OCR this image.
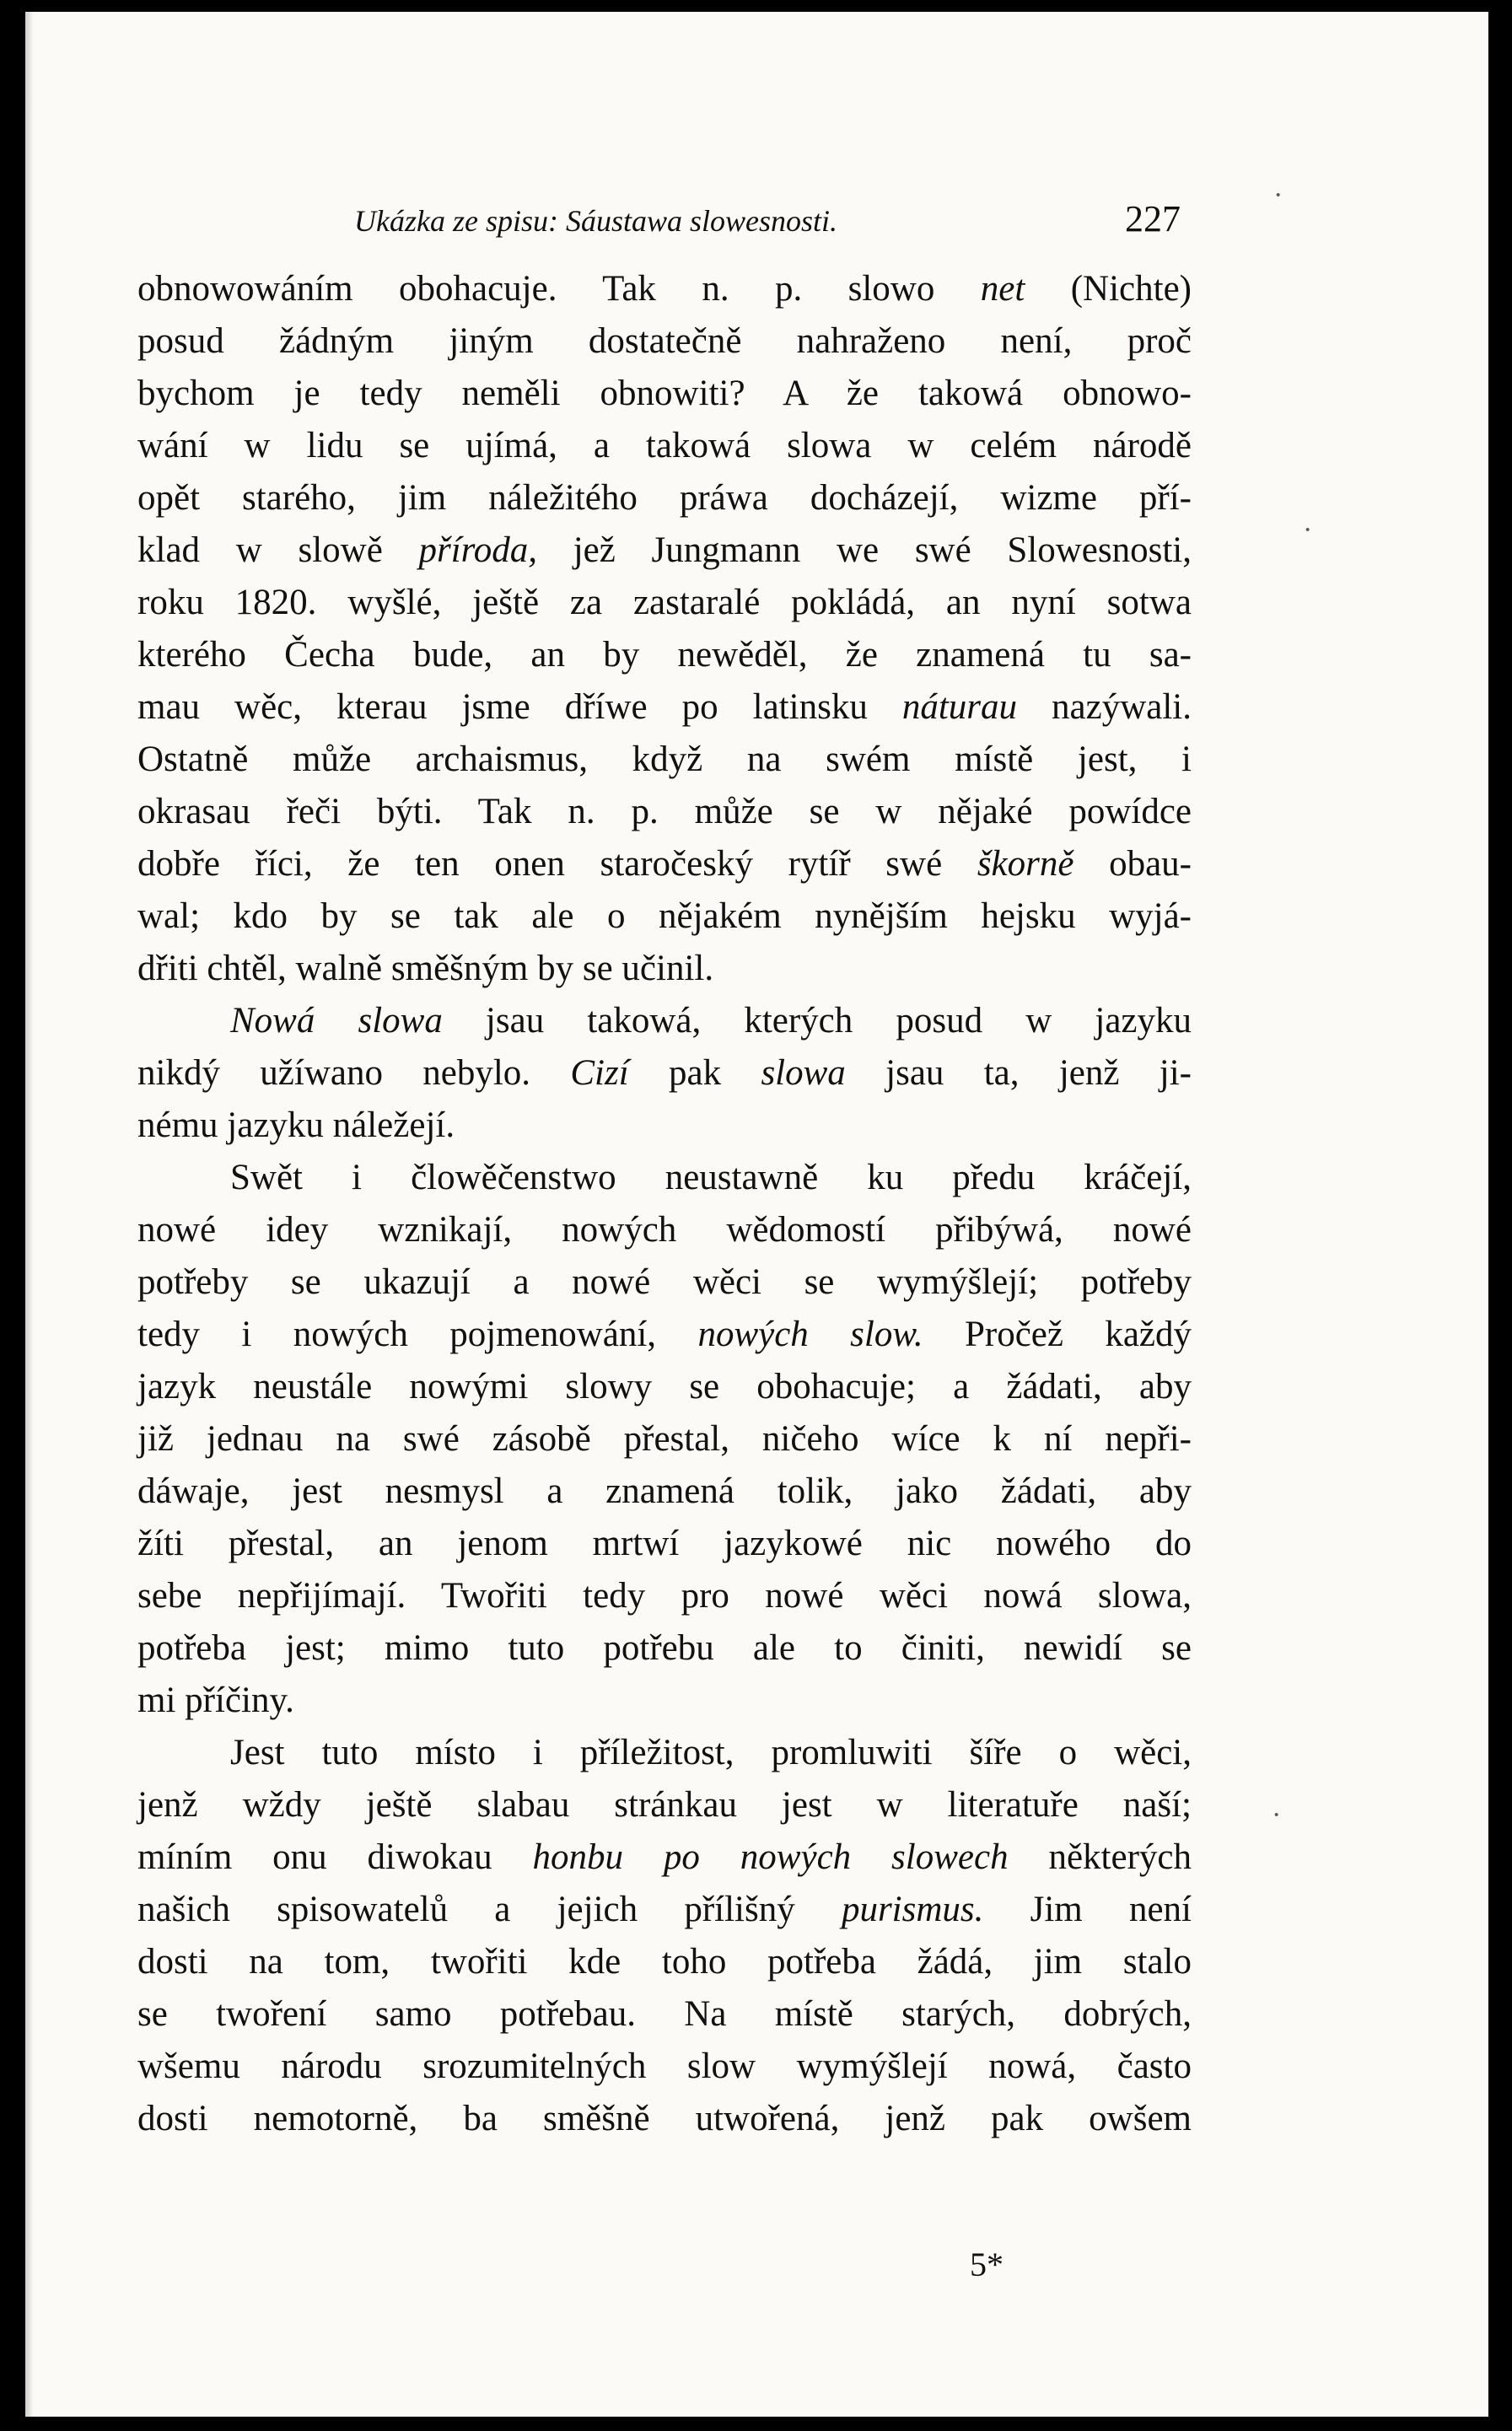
Ukázka ze spisu: Sáustawa slowesnosti.	227
obnowowáním obohacuje. Tak n. p. slowo net (Nichte)
posud žádným jiným dostatečně nahraženo není, proč
bychom je tedy neměli obnowiti? A že takowá obnowo-
wání w lidu se ujímá, a takowá slowa w celém národě
opět starého, jim náležitého práwa docházejí, wizme pří-
klad w slowě příroda, jež Jungmann we swé Slowesnosti,
roku 1820. wyšlé, ještě za zastaralé pokládá, an nyní sotwa
kterého Čecha bude, an by newěděl, že znamená tu sa-
mau wěc, kterau jsme dříwe po latinsku náturau nazýwali.
Ostatně může archaismus, když na swém místě jest, i
okrasau řeči býti. Tak n. p. může se w nějaké powídce
dobře říci, že ten onen staročeský rytíř swé škorně obau-
wal; kdo by se tak ale o nějakém nynějším hejsku wyjá-
dřiti chtěl, walně směšným by se učinil.
Nowá slowa jsau takowá, kterých posud w jazyku
nikdý užíwano nebylo. Cizí pak slowa jsau ta, jenž ji-
nému jazyku náležejí.
Swět i člowěčenstwo neustawně ku předu kráčejí,
nowé idey wznikají, nowých wědomostí přibýwá, nowé
potřeby se ukazují a nowé wěci se wymýšlejí; potřeby
tedy i nowých pojmenowání, nowých slow. Pročež každý
jazyk neustále nowými slowy se obohacuje; a žádati, aby
již jednau na swé zásobě přestal, ničeho wíce k ní nepři-
dáwaje, jest nesmysl a znamená tolik, jako žádati, aby
žíti přestal, an jenom mrtwí jazykowé nic nowého do
sebe nepřijímají. Twořiti tedy pro nowé wěci nowá slowa,
potřeba jest; mimo tuto potřebu ale to činiti, newidí se
mi příčiny.
Jest tuto místo i příležitost, promluwiti šíře o wěci,
jenž wždy ještě slabau stránkau jest w literatuře naší;
míním onu diwokau honbu po nowých slowech některých
našich spisowatelů a jejich přílišný purismus. Jim není
dosti na tom, twořiti kde toho potřeba žádá, jim stalo
se twoření samo potřebau. Na místě starých, dobrých,
wšemu národu srozumitelných slow wymýšlejí nowá, často
dosti nemotorně, ba směšně utwořená, jenž pak owšem
5*
·
·
·
